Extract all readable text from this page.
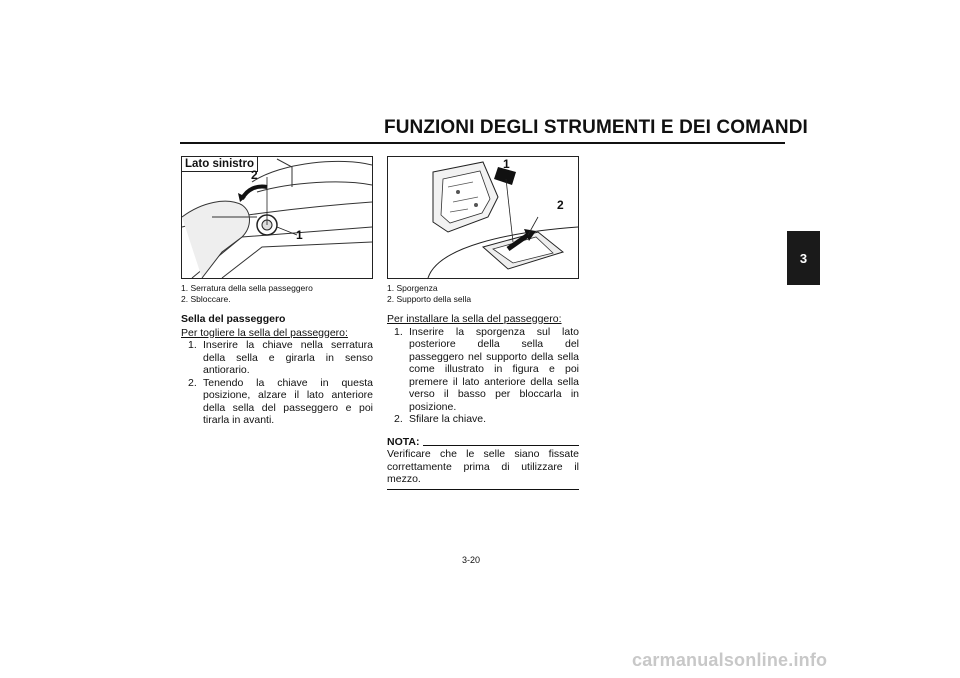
FUNZIONI DEGLI STRUMENTI E DEI COMANDI
3
Lato sinistro
1
2
1. Serratura della sella passeggero
2. Sbloccare.
1
2
1. Sporgenza
2. Supporto della sella
Sella del passeggero
Per togliere la sella del passeggero:
1. Inserire la chiave nella serratura della sella e girarla in senso antiorario.
2. Tenendo la chiave in questa posizione, alzare il lato anteriore della sella del passeggero e poi tirarla in avanti.
Per installare la sella del passeggero:
1. Inserire la sporgenza sul lato posteriore della sella del passeggero nel supporto della sella come illustrato in figura e poi premere il lato anteriore della sella verso il basso per bloccarla in posizione.
2. Sfilare la chiave.
NOTA:
Verificare che le selle siano fissate correttamente prima di utilizzare il mezzo.
3-20
carmanualsonline.info
